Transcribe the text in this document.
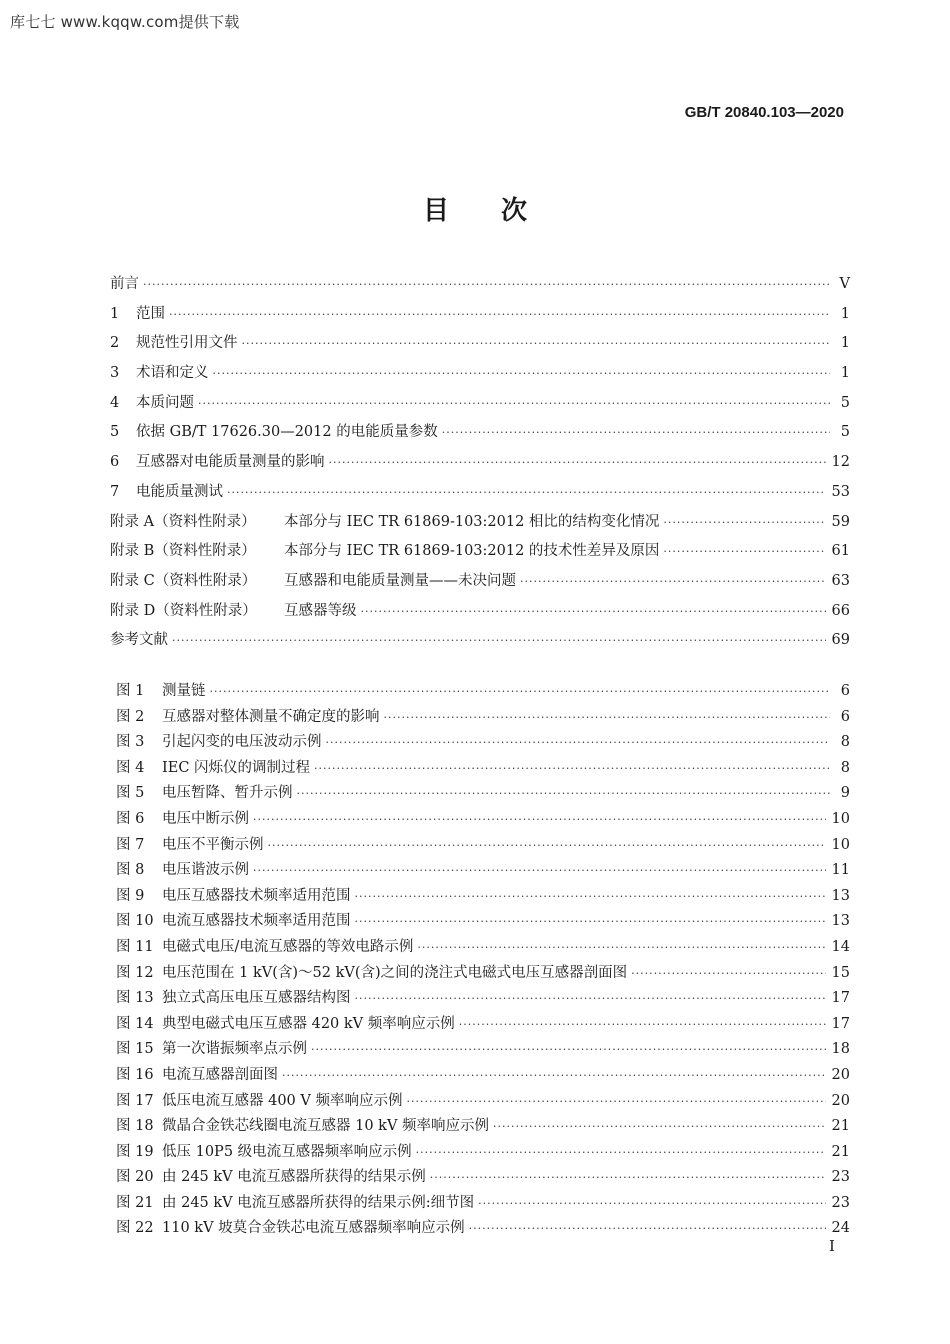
库七七 www.kqqw.com提供下载
GB/T 20840.103—2020
目次
前言 ·····	V
1	范围 ·····	1
2	规范性引用文件 ·····	1
3	术语和定义 ·····	1
4	本质问题 ·····	5
5	依据 GB/T 17626.30—2012 的电能质量参数 ·····	5
6	互感器对电能质量测量的影响 ·····	12
7	电能质量测试 ·····	53
附录 A（资料性附录）	本部分与 IEC TR 61869-103:2012 相比的结构变化情况 ·····	59
附录 B（资料性附录）	本部分与 IEC TR 61869-103:2012 的技术性差异及原因 ·····	61
附录 C（资料性附录）	互感器和电能质量测量——未决问题 ·····	63
附录 D（资料性附录）	互感器等级 ·····	66
参考文献 ·····	69
图 1	测量链 ·····	6
图 2	互感器对整体测量不确定度的影响 ·····	6
图 3	引起闪变的电压波动示例 ·····	8
图 4	IEC 闪烁仪的调制过程 ·····	8
图 5	电压暂降、暂升示例 ·····	9
图 6	电压中断示例 ·····	10
图 7	电压不平衡示例 ·····	10
图 8	电压谐波示例 ·····	11
图 9	电压互感器技术频率适用范围 ·····	13
图 10 电流互感器技术频率适用范围 ·····	13
图 11 电磁式电压/电流互感器的等效电路示例 ·····	14
图 12 电压范围在 1 kV(含)～52 kV(含)之间的浇注式电磁式电压互感器剖面图 ·····	15
图 13 独立式高压电压互感器结构图 ·····	17
图 14 典型电磁式电压互感器 420 kV 频率响应示例 ·····	17
图 15 第一次谐振频率点示例 ·····	18
图 16 电流互感器剖面图 ·····	20
图 17 低压电流互感器 400 V 频率响应示例 ·····	20
图 18 微晶合金铁芯线圈电流互感器 10 kV 频率响应示例 ·····	21
图 19 低压 10P5 级电流互感器频率响应示例 ·····	21
图 20 由 245 kV 电流互感器所获得的结果示例 ·····	23
图 21 由 245 kV 电流互感器所获得的结果示例:细节图 ·····	23
图 22 110 kV 坡莫合金铁芯电流互感器频率响应示例 ·····	24
I
